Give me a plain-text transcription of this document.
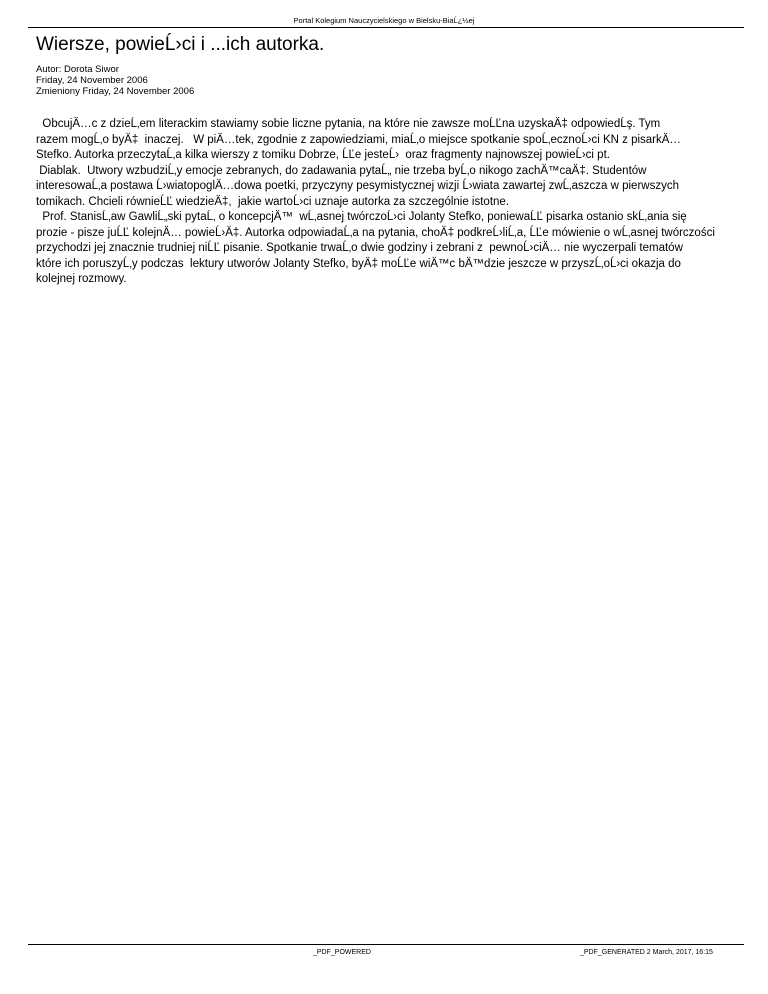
Portal Kolegium Nauczycielskiego w Bielsku-BiaĹ¿½ej
Wiersze, powieĹ›ci i ...ich autorka.
Autor: Dorota Siwor
Friday, 24 November 2006
Zmieniony Friday, 24 November 2006
ObcujÄ…c z dzieĹ‚em literackim stawiamy sobie liczne pytania, na które nie zawsze moĹĽna uzyskaÄ‡ odpowiedĹş. Tym
razem mogĹ‚o byÄ‡  inaczej.   W piÄ…tek, zgodnie z zapowiedziami, miaĹ‚o miejsce spotkanie spoĹ‚ecznoĹ›ci KN z pisarkÄ…
Stefko. Autorka przeczytaĹ‚a kilka wierszy z tomiku Dobrze, ĹĽe jesteĹ›  oraz fragmenty najnowszej powieĹ›ci pt.
Diablak.  Utwory wzbudziĹ‚y emocje zebranych, do zadawania pytaĹ„ nie trzeba byĹ‚o nikogo zachÄ™caÄ‡. Studentów
interesowaĹ‚a postawa Ĺ›wiatopoglÄ…dowa poetki, przyczyny pesymistycznej wizji Ĺ›wiata zawartej zwĹ‚aszcza w pierwszych
tomikach. Chcieli równieĹĽ wiedzieÄ‡,  jakie wartoĹ›ci uznaje autorka za szczególnie istotne.
Prof. StanisĹ‚aw GawliĹ„ski pytaĹ‚ o koncepcjÄ™  wĹ‚asnej twórczoĹ›ci Jolanty Stefko, poniewaĹĽ pisarka ostanio skĹ‚ania się
prozie - pisze juĹĽ kolejnÄ… powieĹ›Ä‡. Autorka odpowiadaĹ‚a na pytania, choÄ‡ podkreĹ›liĹ‚a, ĹĽe mówienie o wĹ‚asnej twórczości
przychodzi jej znacznie trudniej niĹĽ pisanie. Spotkanie trwaĹ‚o dwie godziny i zebrani z  pewnoĹ›ciÄ… nie wyczerpali tematów
które ich poruszyĹ‚y podczas  lektury utworów Jolanty Stefko, byÄ‡ moĹĽe wiÄ™c bÄ™dzie jeszcze w przyszĹ‚oĹ›ci okazja do
kolejnej rozmowy.
_PDF_POWERED	_PDF_GENERATED 2 March, 2017, 16:15
